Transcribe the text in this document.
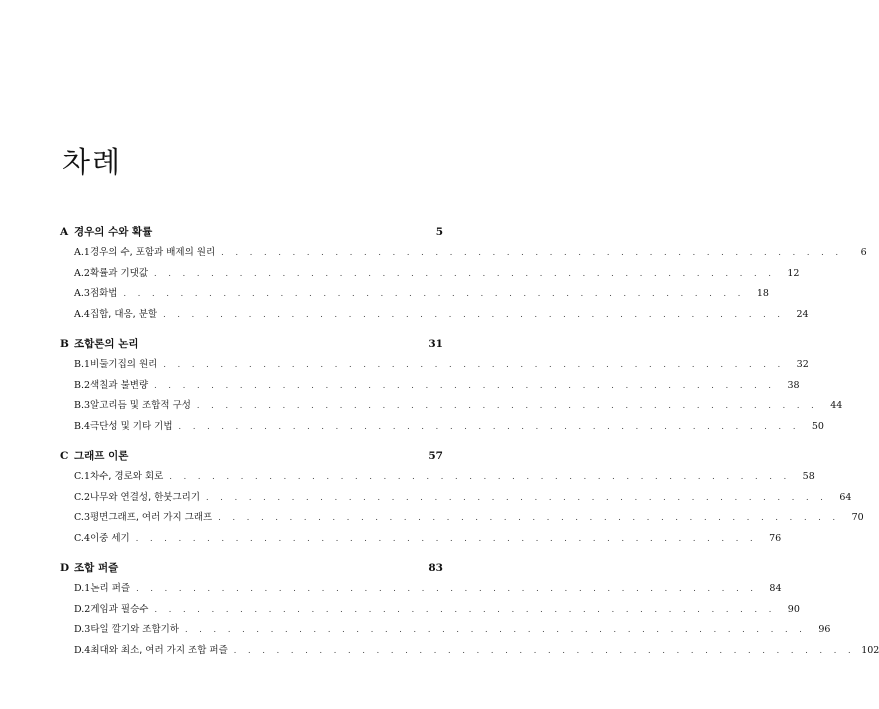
차례
A 경우의 수와 확률	5
A.1 경우의 수, 포함과 배제의 원리 . . . . . . . . . . . . . . . . . . . . . . . . . . . . . . . . . . . . . . . . . . . .	6
A.2 확률과 기댓값 . . . . . . . . . . . . . . . . . . . . . . . . . . . . . . . . . . . . . . . . . . . .	12
A.3 점화법 . . . . . . . . . . . . . . . . . . . . . . . . . . . . . . . . . . . . . . . . . . . .	18
A.4 집합, 대응, 분할 . . . . . . . . . . . . . . . . . . . . . . . . . . . . . . . . . . . . . . . . . . . .	24
B 조합론의 논리	31
B.1 비둘기집의 원리 . . . . . . . . . . . . . . . . . . . . . . . . . . . . . . . . . . . . . . . . . . . .	32
B.2 색칠과 불변량 . . . . . . . . . . . . . . . . . . . . . . . . . . . . . . . . . . . . . . . . . . . .	38
B.3 알고리듬 및 조합적 구성 . . . . . . . . . . . . . . . . . . . . . . . . . . . . . . . . . . . . . . . . . . . .	44
B.4 극단성 및 기타 기법 . . . . . . . . . . . . . . . . . . . . . . . . . . . . . . . . . . . . . . . . . . . .	50
C 그래프 이론	57
C.1 차수, 경로와 회로 . . . . . . . . . . . . . . . . . . . . . . . . . . . . . . . . . . . . . . . . . . . .	58
C.2 나무와 연결성, 한붓그리기 . . . . . . . . . . . . . . . . . . . . . . . . . . . . . . . . . . . . . . . . . . . .	64
C.3 평면그래프, 여러 가지 그래프 . . . . . . . . . . . . . . . . . . . . . . . . . . . . . . . . . . . . . . . . . . . .	70
C.4 이중 세기 . . . . . . . . . . . . . . . . . . . . . . . . . . . . . . . . . . . . . . . . . . . .	76
D 조합 퍼즐	83
D.1 논리 퍼즐 . . . . . . . . . . . . . . . . . . . . . . . . . . . . . . . . . . . . . . . . . . . .	84
D.2 게임과 필승수 . . . . . . . . . . . . . . . . . . . . . . . . . . . . . . . . . . . . . . . . . . . .	90
D.3 타일 깔기와 조합기하 . . . . . . . . . . . . . . . . . . . . . . . . . . . . . . . . . . . . . . . . . . . .	96
D.4 최대와 최소, 여러 가지 조합 퍼즐 . . . . . . . . . . . . . . . . . . . . . . . . . . . . . . . . . . . . . . . . . . . . 102
